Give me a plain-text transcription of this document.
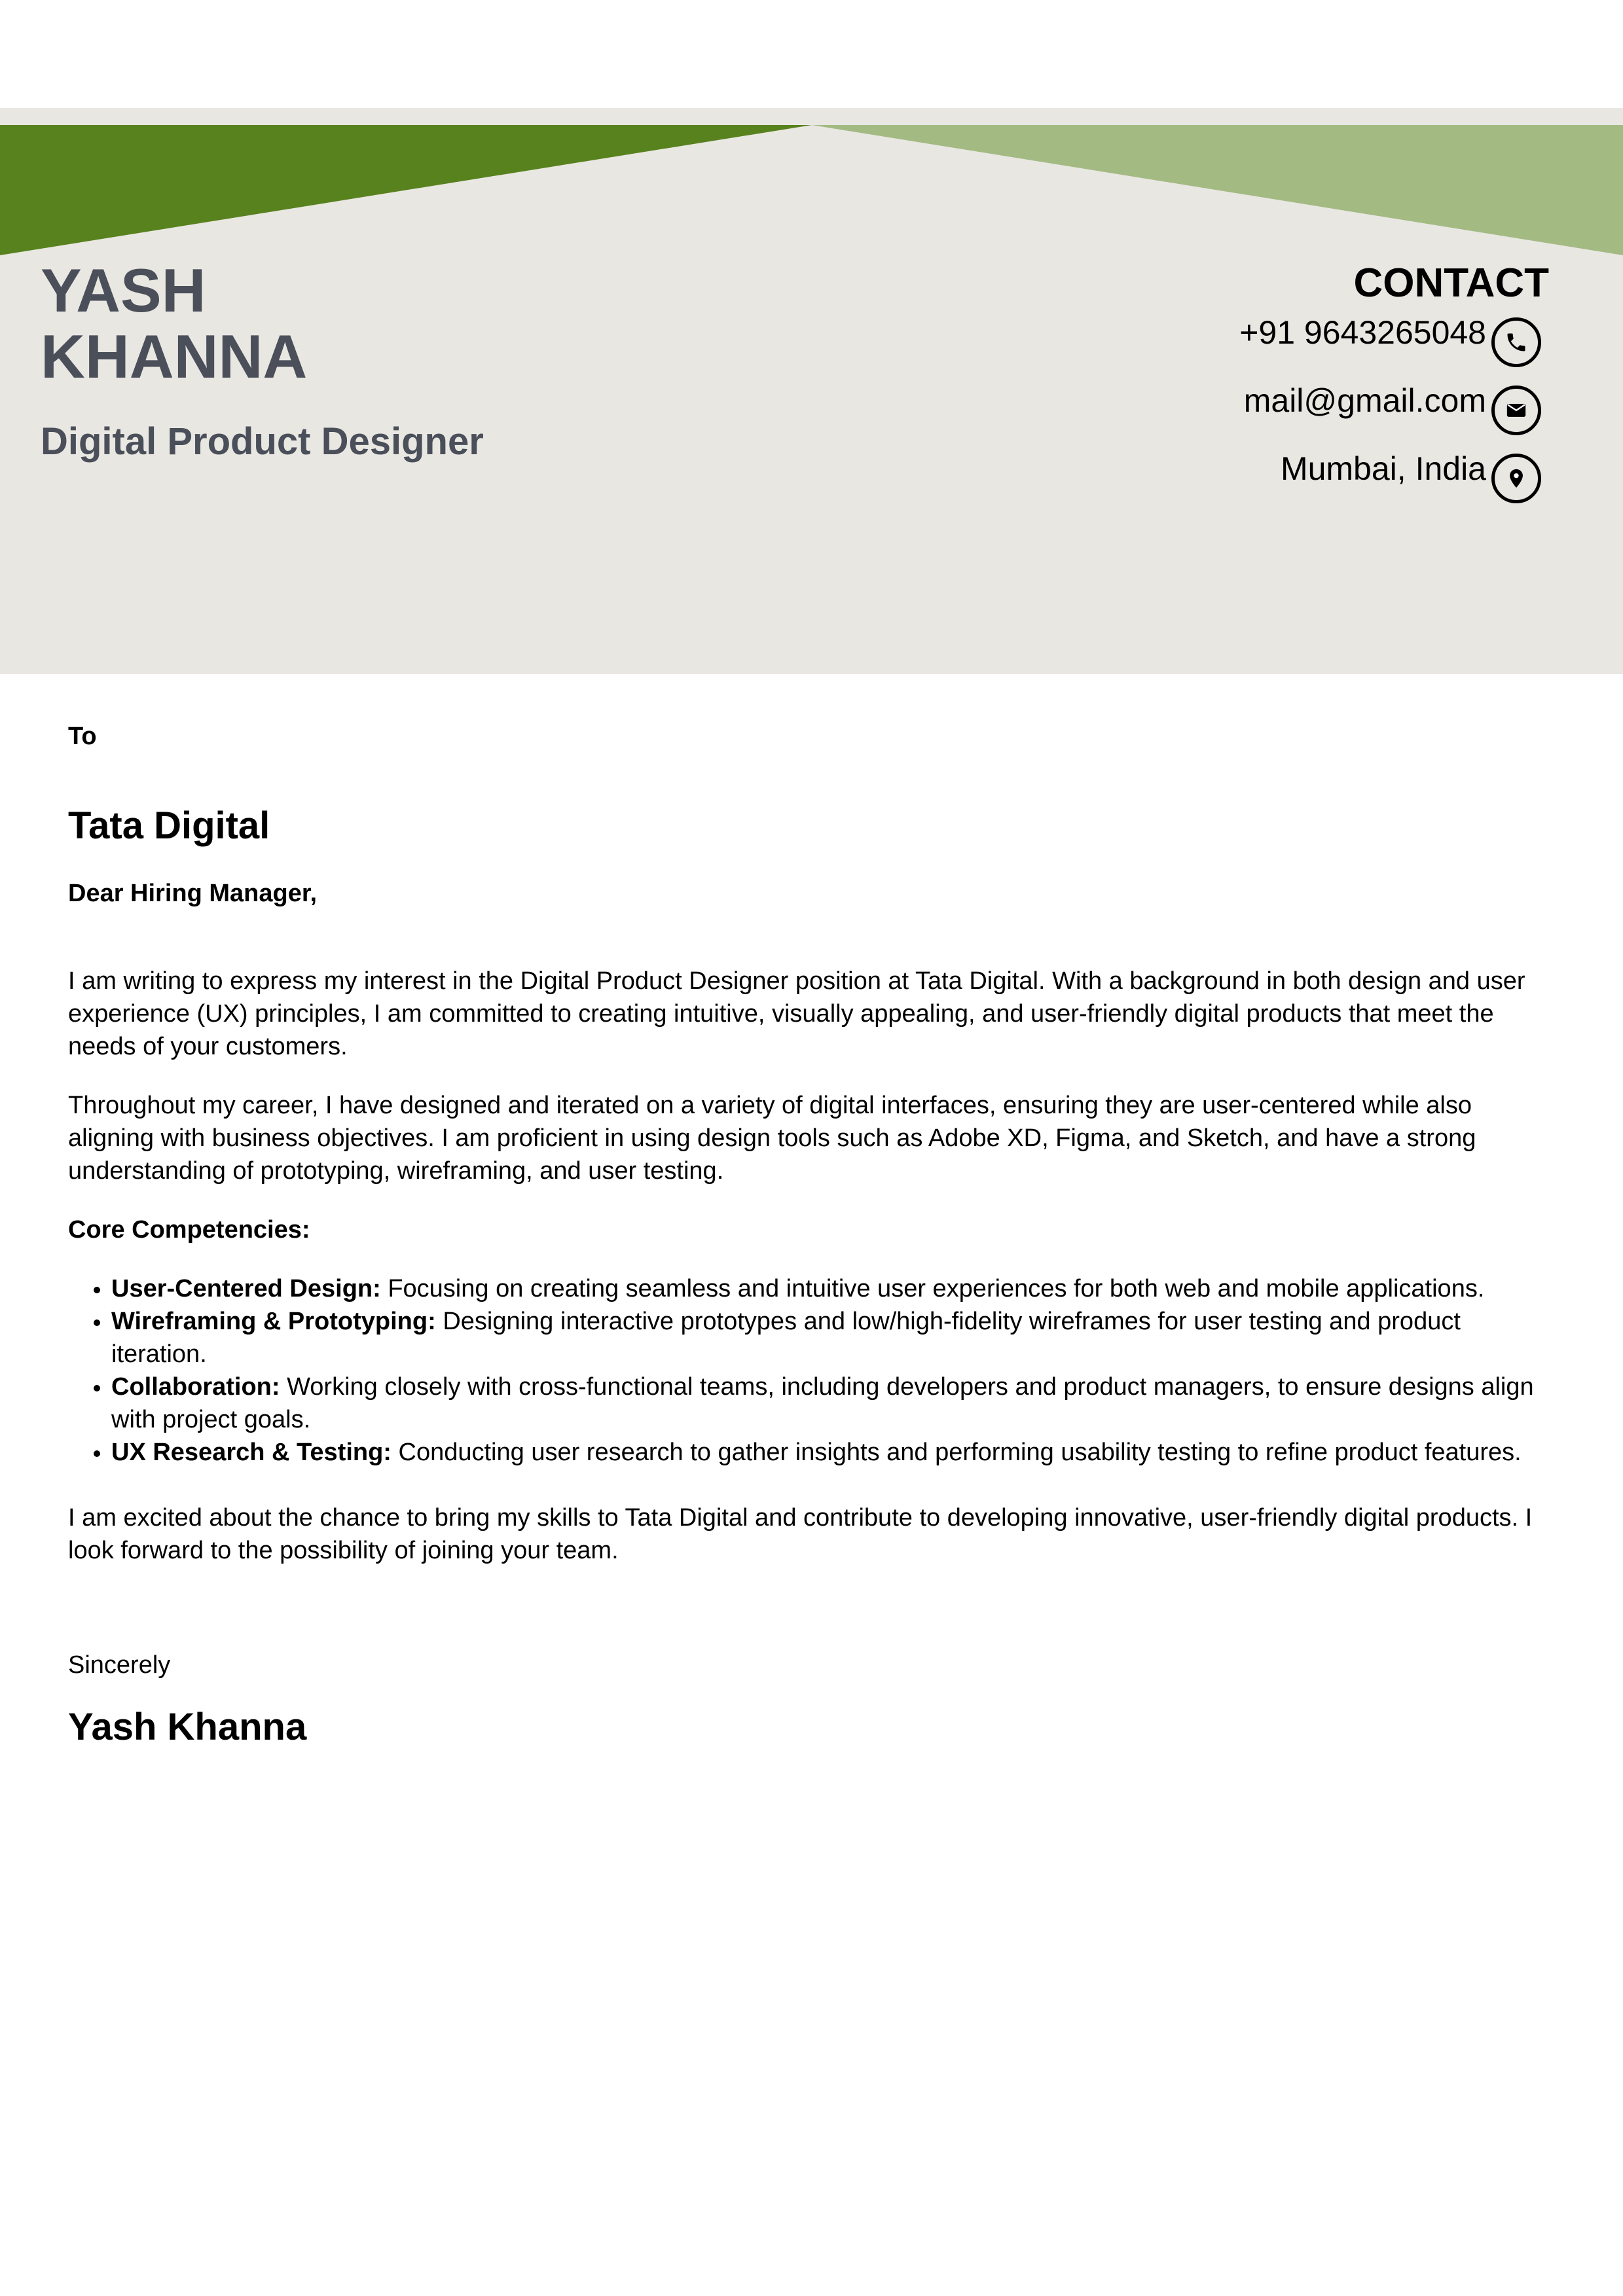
YASH
KHANNA

Digital Product Designer

CONTACT

+91 9643265048
mail@gmail.com
Mumbai, India

To

Tata Digital

Dear Hiring Manager,

I am writing to express my interest in the Digital Product Designer position at Tata Digital. With a background in both design and user experience (UX) principles, I am committed to creating intuitive, visually appealing, and user-friendly digital products that meet the needs of your customers.

Throughout my career, I have designed and iterated on a variety of digital interfaces, ensuring they are user-centered while also aligning with business objectives. I am proficient in using design tools such as Adobe XD, Figma, and Sketch, and have a strong understanding of prototyping, wireframing, and user testing.

Core Competencies:

• User-Centered Design: Focusing on creating seamless and intuitive user experiences for both web and mobile applications.
• Wireframing & Prototyping: Designing interactive prototypes and low/high-fidelity wireframes for user testing and product iteration.
• Collaboration: Working closely with cross-functional teams, including developers and product managers, to ensure designs align with project goals.
• UX Research & Testing: Conducting user research to gather insights and performing usability testing to refine product features.

I am excited about the chance to bring my skills to Tata Digital and contribute to developing innovative, user-friendly digital products. I look forward to the possibility of joining your team.

Sincerely

Yash Khanna
